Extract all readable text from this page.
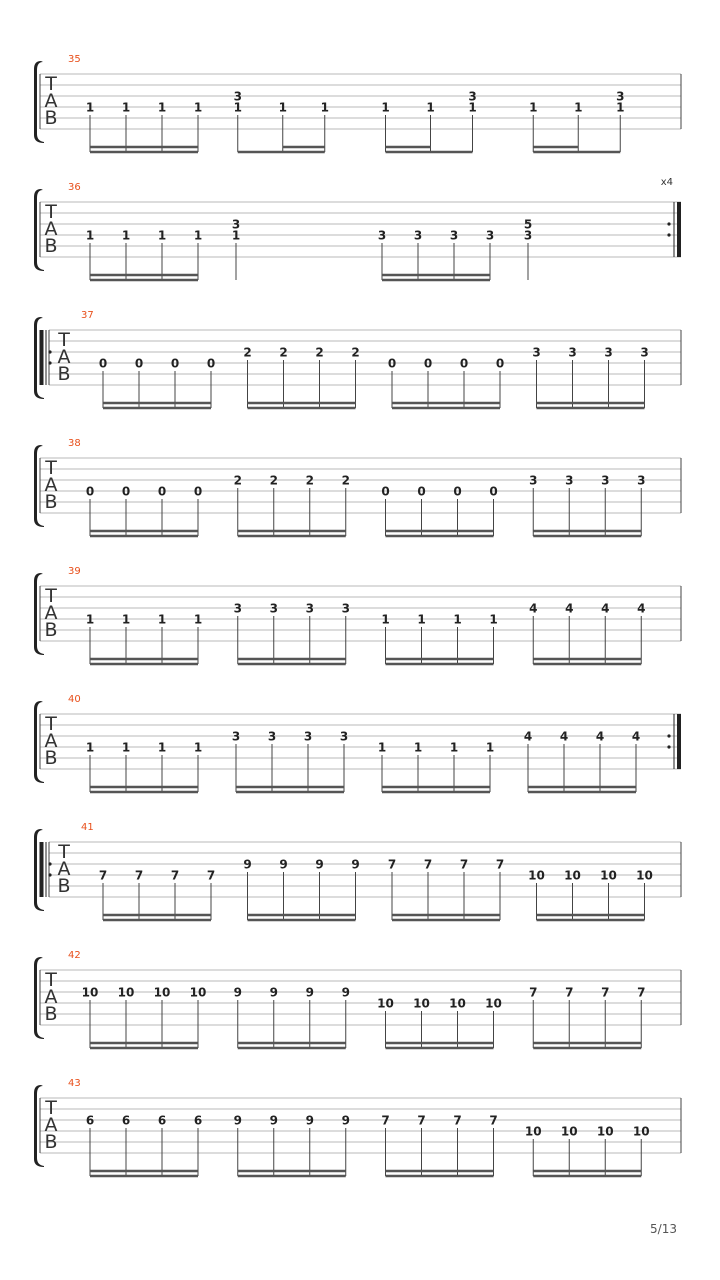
35
T
A
B 1 1 1 1	1
3
1	1	1	1	1
3
1	1	1
3
36
T
A
B
x4
1 1 1 1 1
3
3 3 3 3 3
5
37
T
A
B 0 0 0 0
2 2 2 2
0 0 0 0
3 3 3 3
38
T
A
B 0 0 0 0
2 2 2 2
0 0 0 0
3 3 3 3
39
T
A
B 1 1 1 1
3 3 3 3
1 1 1 1
4 4 4 4
40
T
A
B 1 1 1 1
3 3 3 3
1 1 1 1
4 4 4 4
41
T
A
B 7 7 7 7
9 9 9 9 7 7 7 7
10 10 10 10
42
T
A
B
10 10 10 10 9 9 9 9
10 10 10 10
7 7 7 7
43
T
A
B
6 6 6 6	9 9 9 9	7 7 7 7
10 10 10 10
5/13
